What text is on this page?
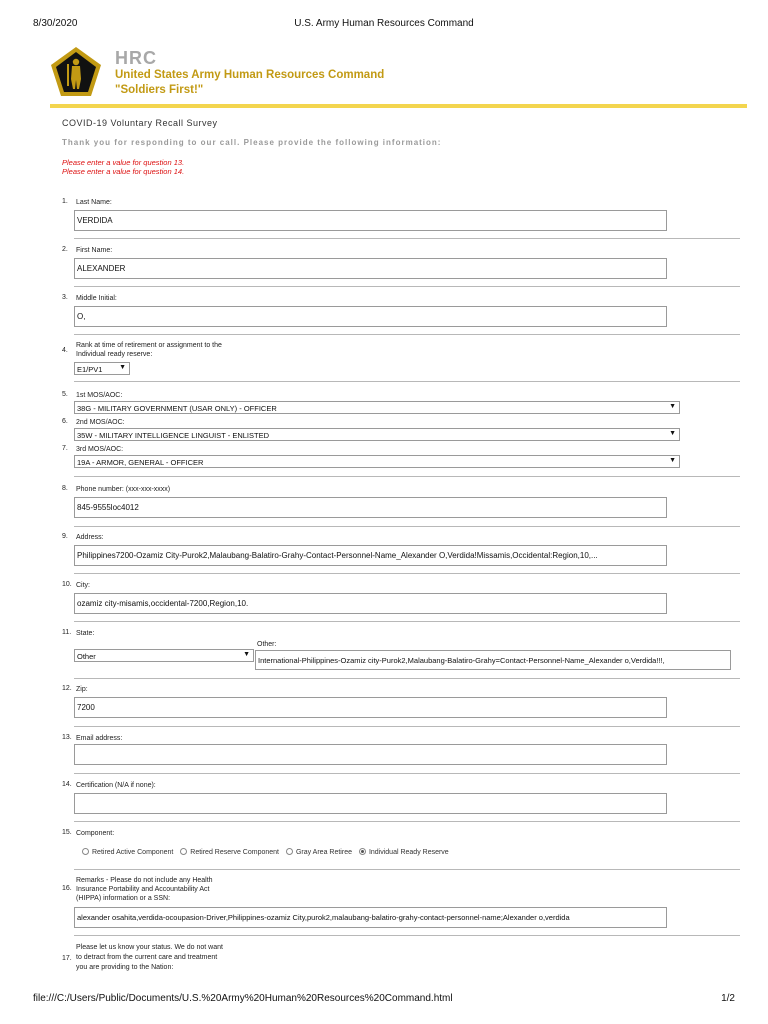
8/30/2020	U.S. Army Human Resources Command
HRC
United States Army Human Resources Command
"Soldiers First!"
COVID-19 Voluntary Recall Survey
Thank you for responding to our call. Please provide the following information:
Please enter a value for question 13.
Please enter a value for question 14.
1. Last Name:
VERDIDA
2. First Name:
ALEXANDER
3. Middle Initial:
O,
4.
Rank at time of retirement or assignment to the
Individual ready reserve:
E1/PV1 ▼
5. 1st MOS/AOC:
38G - MILITARY GOVERNMENT (USAR ONLY) - OFFICER	▼
6. 2nd MOS/AOC:
35W - MILITARY INTELLIGENCE LINGUIST - ENLISTED	▼
7. 3rd MOS/AOC:
19A - ARMOR, GENERAL - OFFICER	▼
8. Phone number: (xxx-xxx-xxxx)
845-9555loc4012
9. Address:
Philippines7200-Ozamiz City-Purok2,Malaubang-Balatiro-Grahy-Contact-Personnel-Name_Alexander O,Verdida!Missamis,Occidental:Region,10,...
10. City:
ozamiz city-misamis,occidental-7200,Region,10.
11. State:
Other:
Other	▼
International-Philippines-Ozamiz city-Purok2,Malaubang-Balatiro-Grahy=Contact-Personnel-Name_Alexander o,Verdida!!!,
12. Zip:
7200
13. Email address:
14. Certification (N/A if none):
15. Component:
Retired Active Component Retired Reserve Component Gray Area Retiree Individual Ready Reserve
16.
Remarks - Please do not include any Health
Insurance Portability and Accountability Act
(HIPPA) information or a SSN:
alexander osahita,verdida-ocoupasion-Driver,Philippines-ozamiz City,purok2,malaubang-balatiro-grahy-contact-personnel-name;Alexander o,verdida
17.
Please let us know your status. We do not want
to detract from the current care and treatment
you are providing to the Nation:
file:///C:/Users/Public/Documents/U.S.%20Army%20Human%20Resources%20Command.html	1/2
